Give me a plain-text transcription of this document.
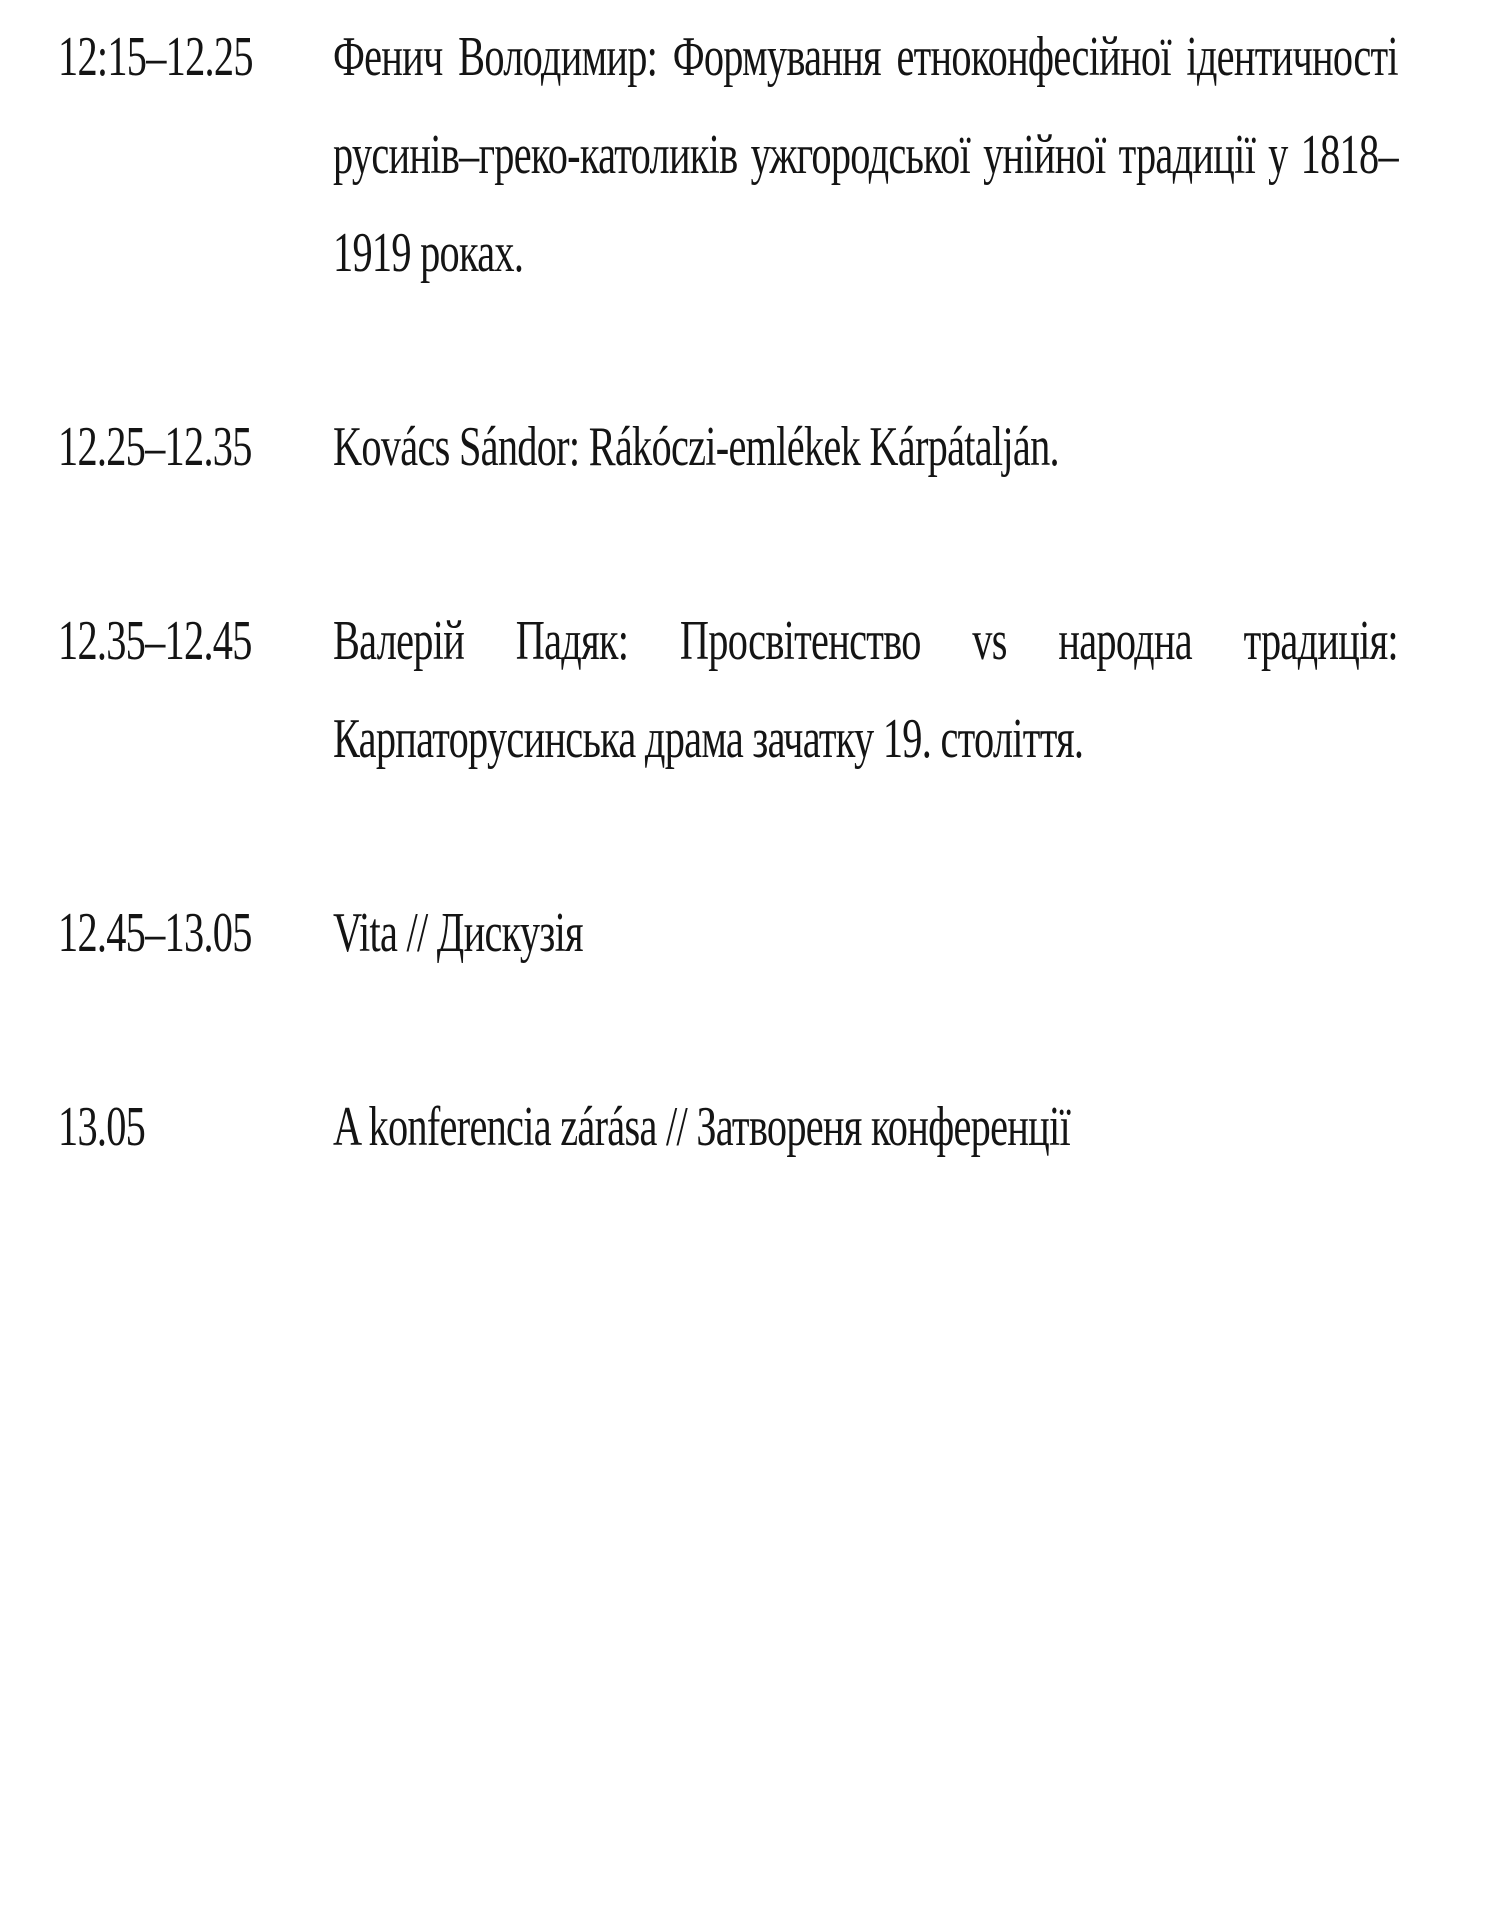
12:15–12.25 Фенич Володимир: Формування етноконфесійної ідентичності русинів–греко-католиків ужгородської унійної традиції у 1818–1919 роках.
12.25–12.35 Kovács Sándor: Rákóczi-emlékek Kárpátalján.
12.35–12.45 Валерій Падяк: Просвітенство vs народна традиція: Карпаторусинська драма зачатку 19. століття.
12.45–13.05 Vita // Дискузія
13.05	A konferencia zárása // Затвореня конференції
